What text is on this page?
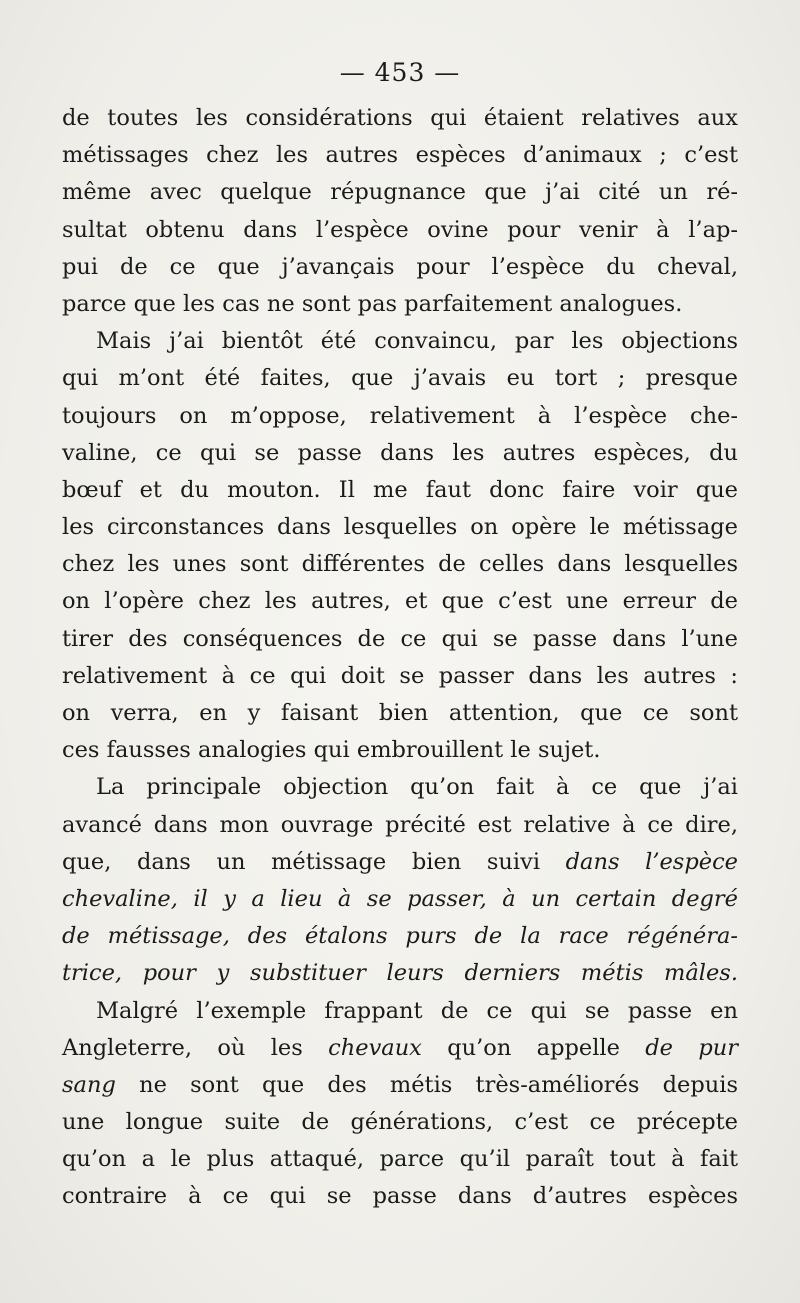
— 453 —
de toutes les considérations qui étaient relatives aux
métissages chez les autres espèces d’animaux ; c’est
même avec quelque répugnance que j’ai cité un ré-
sultat obtenu dans l’espèce ovine pour venir à l’ap-
pui de ce que j’avançais pour l’espèce du cheval,
parce que les cas ne sont pas parfaitement analogues.
Mais j’ai bientôt été convaincu, par les objections
qui m’ont été faites, que j’avais eu tort ; presque
toujours on m’oppose, relativement à l’espèce che-
valine, ce qui se passe dans les autres espèces, du
bœuf et du mouton. Il me faut donc faire voir que
les circonstances dans lesquelles on opère le métissage
chez les unes sont différentes de celles dans lesquelles
on l’opère chez les autres, et que c’est une erreur de
tirer des conséquences de ce qui se passe dans l’une
relativement à ce qui doit se passer dans les autres :
on verra, en y faisant bien attention, que ce sont
ces fausses analogies qui embrouillent le sujet.
La principale objection qu’on fait à ce que j’ai
avancé dans mon ouvrage précité est relative à ce dire,
que, dans un métissage bien suivi dans l’espèce
chevaline, il y a lieu à se passer, à un certain degré
de métissage, des étalons purs de la race régénéra-
trice, pour y substituer leurs derniers métis mâles.
Malgré l’exemple frappant de ce qui se passe en
Angleterre, où les chevaux qu’on appelle de pur
sang ne sont que des métis très-améliorés depuis
une longue suite de générations, c’est ce précepte
qu’on a le plus attaqué, parce qu’il paraît tout à fait
contraire à ce qui se passe dans d’autres espèces
